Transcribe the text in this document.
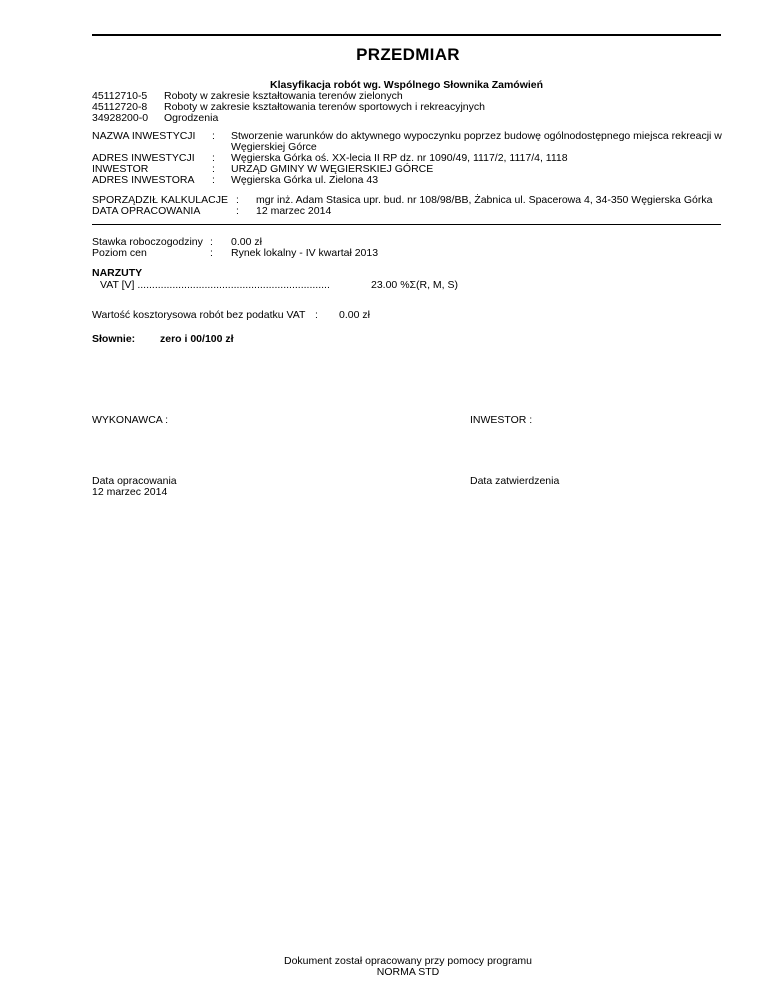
PRZEDMIAR
Klasyfikacja robót wg. Wspólnego Słownika Zamówień
45112710-5 Roboty w zakresie kształtowania terenów zielonych
45112720-8 Roboty w zakresie kształtowania terenów sportowych i rekreacyjnych
34928200-0 Ogrodzenia
NAZWA INWESTYCJI : Stworzenie warunków do aktywnego wypoczynku poprzez budowę ogólnodostępnego miejsca rekreacji w
Węgierskiej Górce
ADRES INWESTYCJI : Węgierska Górka oś. XX-lecia II RP dz. nr 1090/49, 1117/2, 1117/4, 1118
INWESTOR	: URZĄD GMINY W WĘGIERSKIEJ GÓRCE
ADRES INWESTORA : Węgierska Górka ul. Zielona 43
SPORZĄDZIŁ KALKULACJE : mgr inż. Adam Stasica upr. bud. nr 108/98/BB, Żabnica ul. Spacerowa 4, 34-350 Węgierska Górka
DATA OPRACOWANIA	: 12 marzec 2014
Stawka roboczogodziny : 0.00 zł
Poziom cen	: Rynek lokalny - IV kwartał 2013
NARZUTY
VAT [V] ..................................................................	23.00 %Σ(R, M, S)
Wartość kosztorysowa robót bez podatku VAT : 0.00 zł
Słownie: zero i 00/100 zł
WYKONAWCA :	INWESTOR :
Data opracowania
12 marzec 2014
Data zatwierdzenia
Dokument został opracowany przy pomocy programu
NORMA STD
